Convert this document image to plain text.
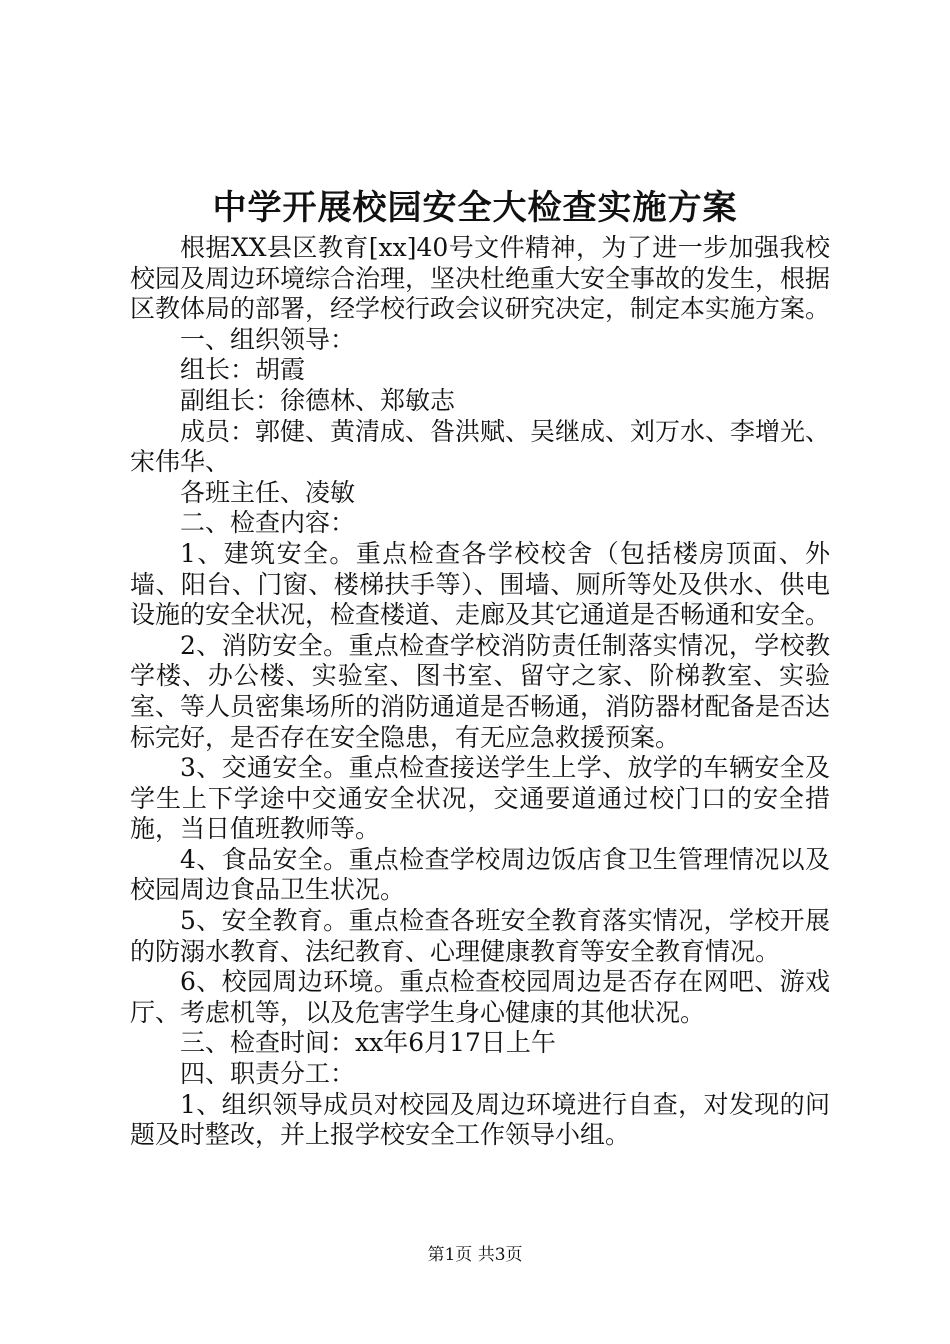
中学开展校园安全大检查实施方案

根据XX县区教育[xx]40号文件精神，为了进一步加强我校校园及周边环境综合治理，坚决杜绝重大安全事故的发生，根据区教体局的部署，经学校行政会议研究决定，制定本实施方案。

一、组织领导：

组长：胡霞

副组长：徐德林、郑敏志

成员：郭健、黄清成、昝洪赋、吴继成、刘万水、李增光、宋伟华、

各班主任、凌敏

二、检查内容：

1、建筑安全。重点检查各学校校舍（包括楼房顶面、外墙、阳台、门窗、楼梯扶手等）、围墙、厕所等处及供水、供电设施的安全状况，检查楼道、走廊及其它通道是否畅通和安全。

2、消防安全。重点检查学校消防责任制落实情况，学校教学楼、办公楼、实验室、图书室、留守之家、阶梯教室、实验室、等人员密集场所的消防通道是否畅通，消防器材配备是否达标完好，是否存在安全隐患，有无应急救援预案。

3、交通安全。重点检查接送学生上学、放学的车辆安全及学生上下学途中交通安全状况，交通要道通过校门口的安全措施，当日值班教师等。

4、食品安全。重点检查学校周边饭店食卫生管理情况以及校园周边食品卫生状况。

5、安全教育。重点检查各班安全教育落实情况，学校开展的防溺水教育、法纪教育、心理健康教育等安全教育情况。

6、校园周边环境。重点检查校园周边是否存在网吧、游戏厅、考虑机等，以及危害学生身心健康的其他状况。

三、检查时间：xx年6月17日上午

四、职责分工：

1、组织领导成员对校园及周边环境进行自查，对发现的问题及时整改，并上报学校安全工作领导小组。

第1页 共3页
